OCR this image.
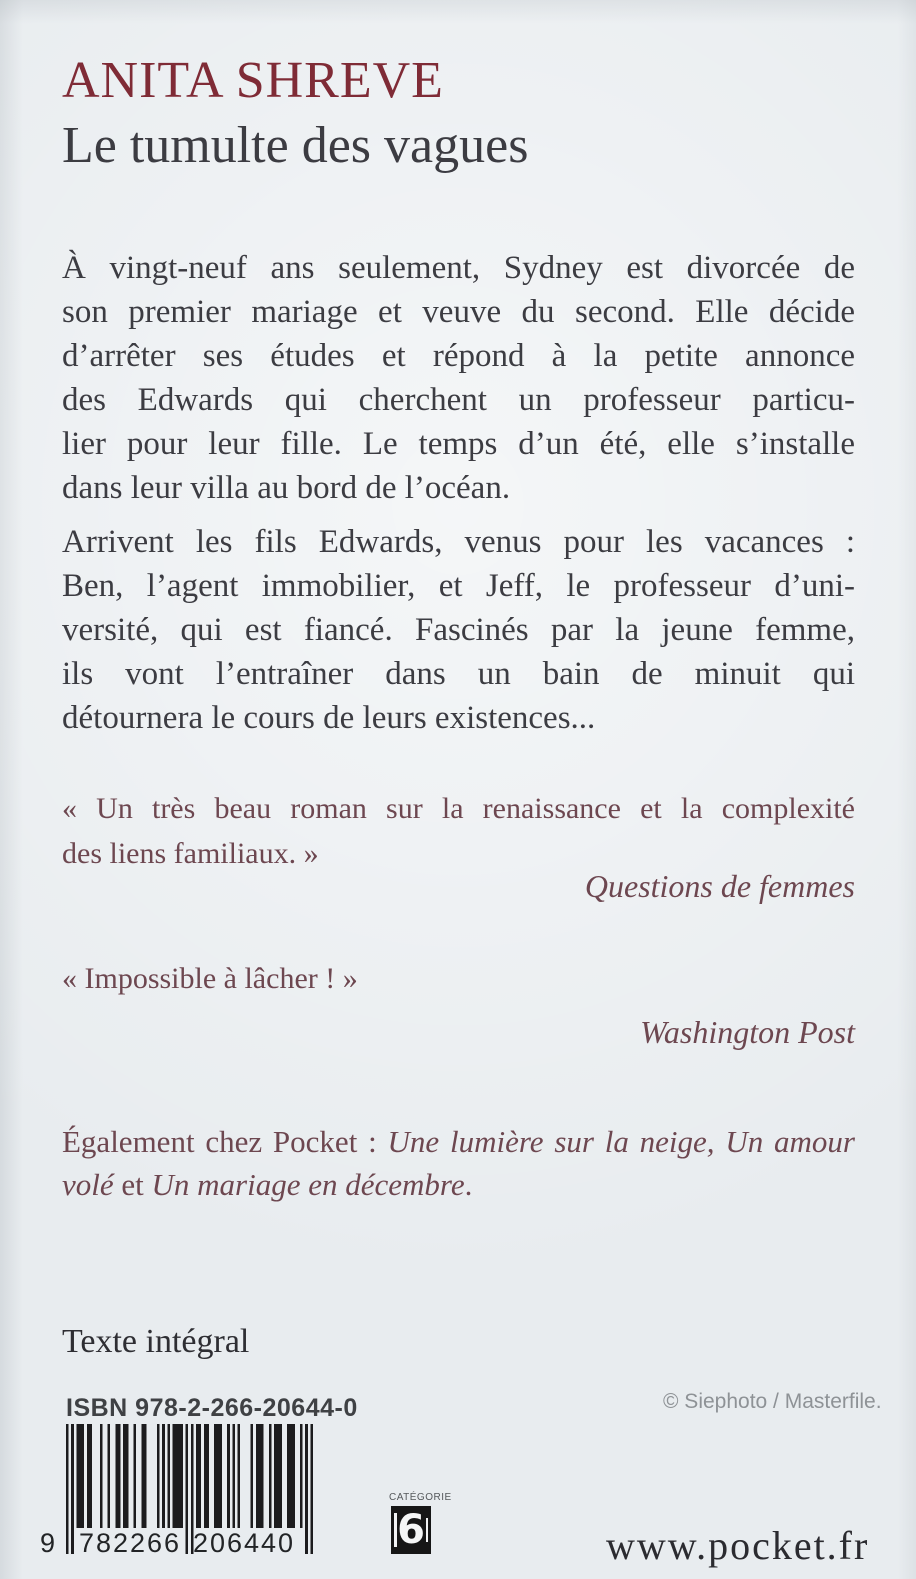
ANITA SHREVE
Le tumulte des vagues
À vingt-neuf ans seulement, Sydney est divorcée de
son premier mariage et veuve du second. Elle décide
d’arrêter ses études et répond à la petite annonce
des Edwards qui cherchent un professeur particu-
lier pour leur fille. Le temps d’un été, elle s’installe
dans leur villa au bord de l’océan.
Arrivent les fils Edwards, venus pour les vacances :
Ben, l’agent immobilier, et Jeff, le professeur d’uni-
versité, qui est fiancé. Fascinés par la jeune femme,
ils vont l’entraîner dans un bain de minuit qui
détournera le cours de leurs existences...
« Un très beau roman sur la renaissance et la complexité
des liens familiaux. »
Questions de femmes
« Impossible à lâcher ! »
Washington Post
Également chez Pocket : Une lumière sur la neige, Un amour
volé et Un mariage en décembre.
Texte intégral
ISBN 978-2-266-20644-0	© Siephoto / Masterfile.
9 782266 206440
CATÉGORIE
6	www.pocket.fr
